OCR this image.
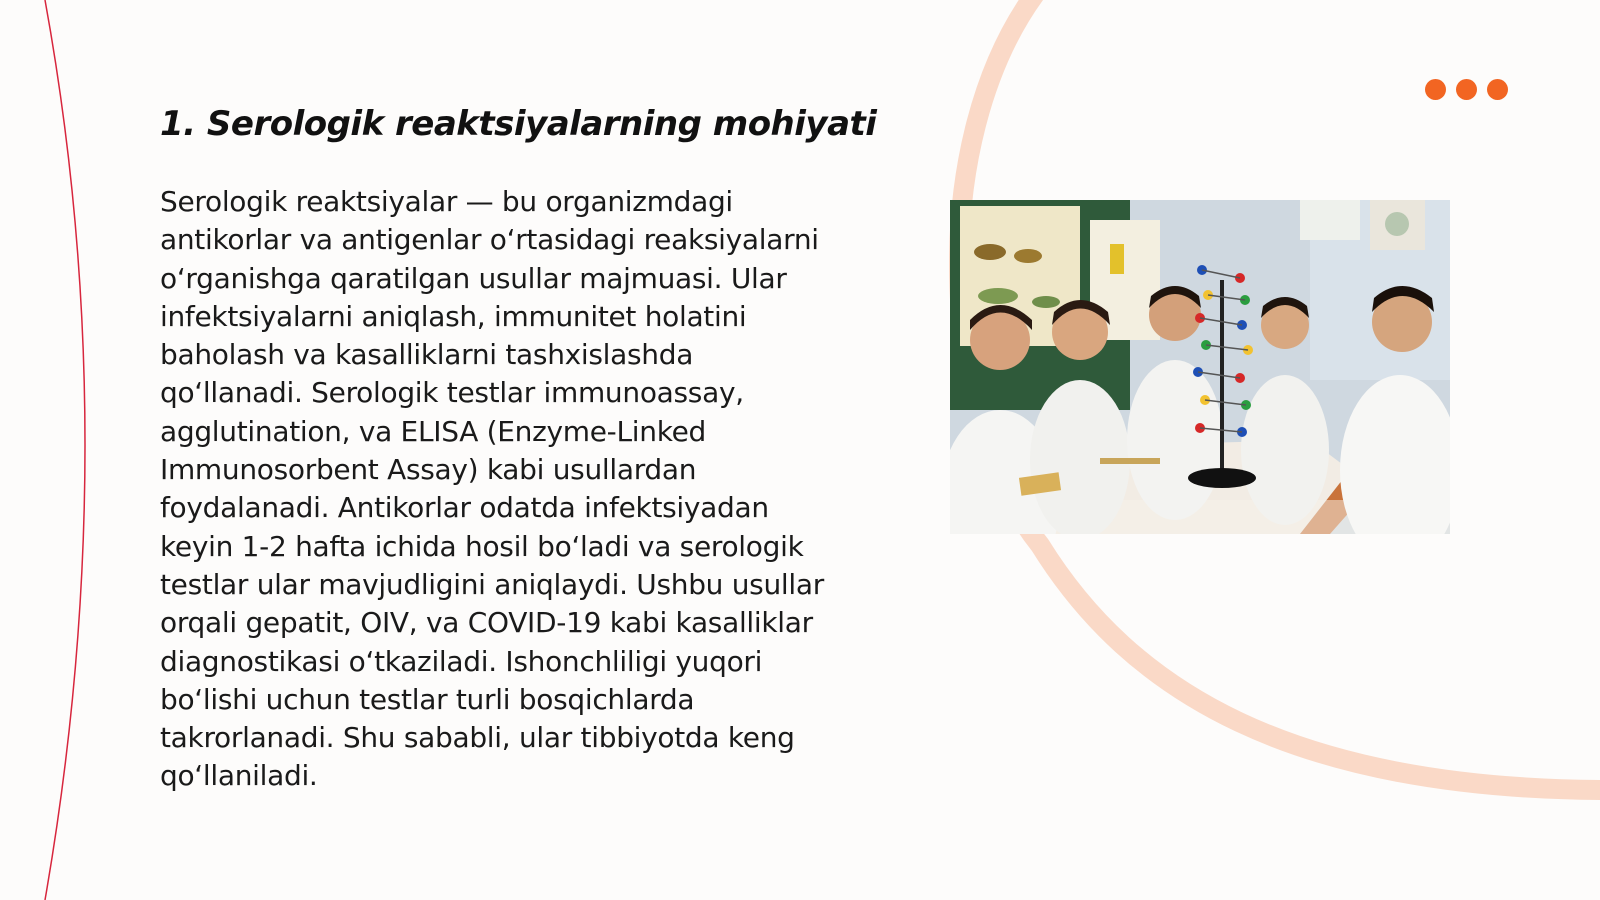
1. Serologik reaktsiyalarning mohiyati

Serologik reaktsiyalar — bu organizmdagi antikorlar va antigenlar o‘rtasidagi reaksiyalarni o‘rganishga qaratilgan usullar majmuasi. Ular infektsiyalarni aniqlash, immunitet holatini baholash va kasalliklarni tashxislashda qo‘llanadi. Serologik testlar immunoassay, agglutination, va ELISA (Enzyme-Linked Immunosorbent Assay) kabi usullardan foydalanadi. Antikorlar odatda infektsiyadan keyin 1-2 hafta ichida hosil bo‘ladi va serologik testlar ular mavjudligini aniqlaydi. Ushbu usullar orqali gepatit, OIV, va COVID-19 kabi kasalliklar diagnostikasi o‘tkaziladi. Ishonchliligi yuqori bo‘lishi uchun testlar turli bosqichlarda takrorlanadi. Shu sababli, ular tibbiyotda keng qo‘llaniladi.
